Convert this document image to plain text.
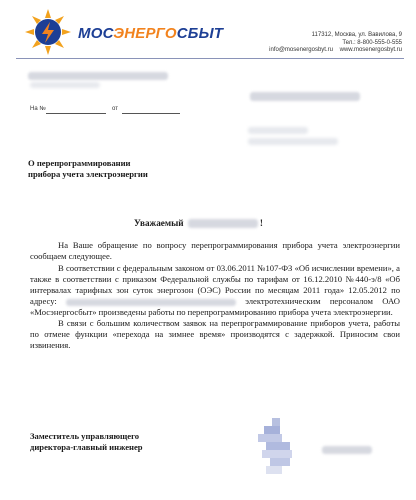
МОСЭНЕРГОСБЫТ	117312, Москва, ул. Вавилова, 9
Тел.: 8-800-555-0-555
info@mosenergosbyt.ru    www.mosenergosbyt.ru
На №	от
О перепрограммировании
прибора учета электроэнергии
Уважаемый	!

На Ваше обращение по вопросу перепрограммирования прибора учета электроэнергии сообщаем следующее.

В соответствии с федеральным законом от 03.06.2011 №107-ФЗ «Об исчислении времени», а также в соответствии с приказом Федеральной службы по тарифам от 16.12.2010 №440-э/8 «Об интервалах тарифных зон суток энергозон (ОЭС) России по месяцам 2011 года» 12.05.2012 по адресу:	электротехническим персоналом ОАО «Мосэнергосбыт» произведены работы по перепрограммированию прибора учета электроэнергии.

В связи с большим количеством заявок на перепрограммирование приборов учета, работы по отмене функции «перехода на зимнее время» производятся с задержкой. Приносим свои извинения.

Заместитель управляющего
директора-главный инженер
